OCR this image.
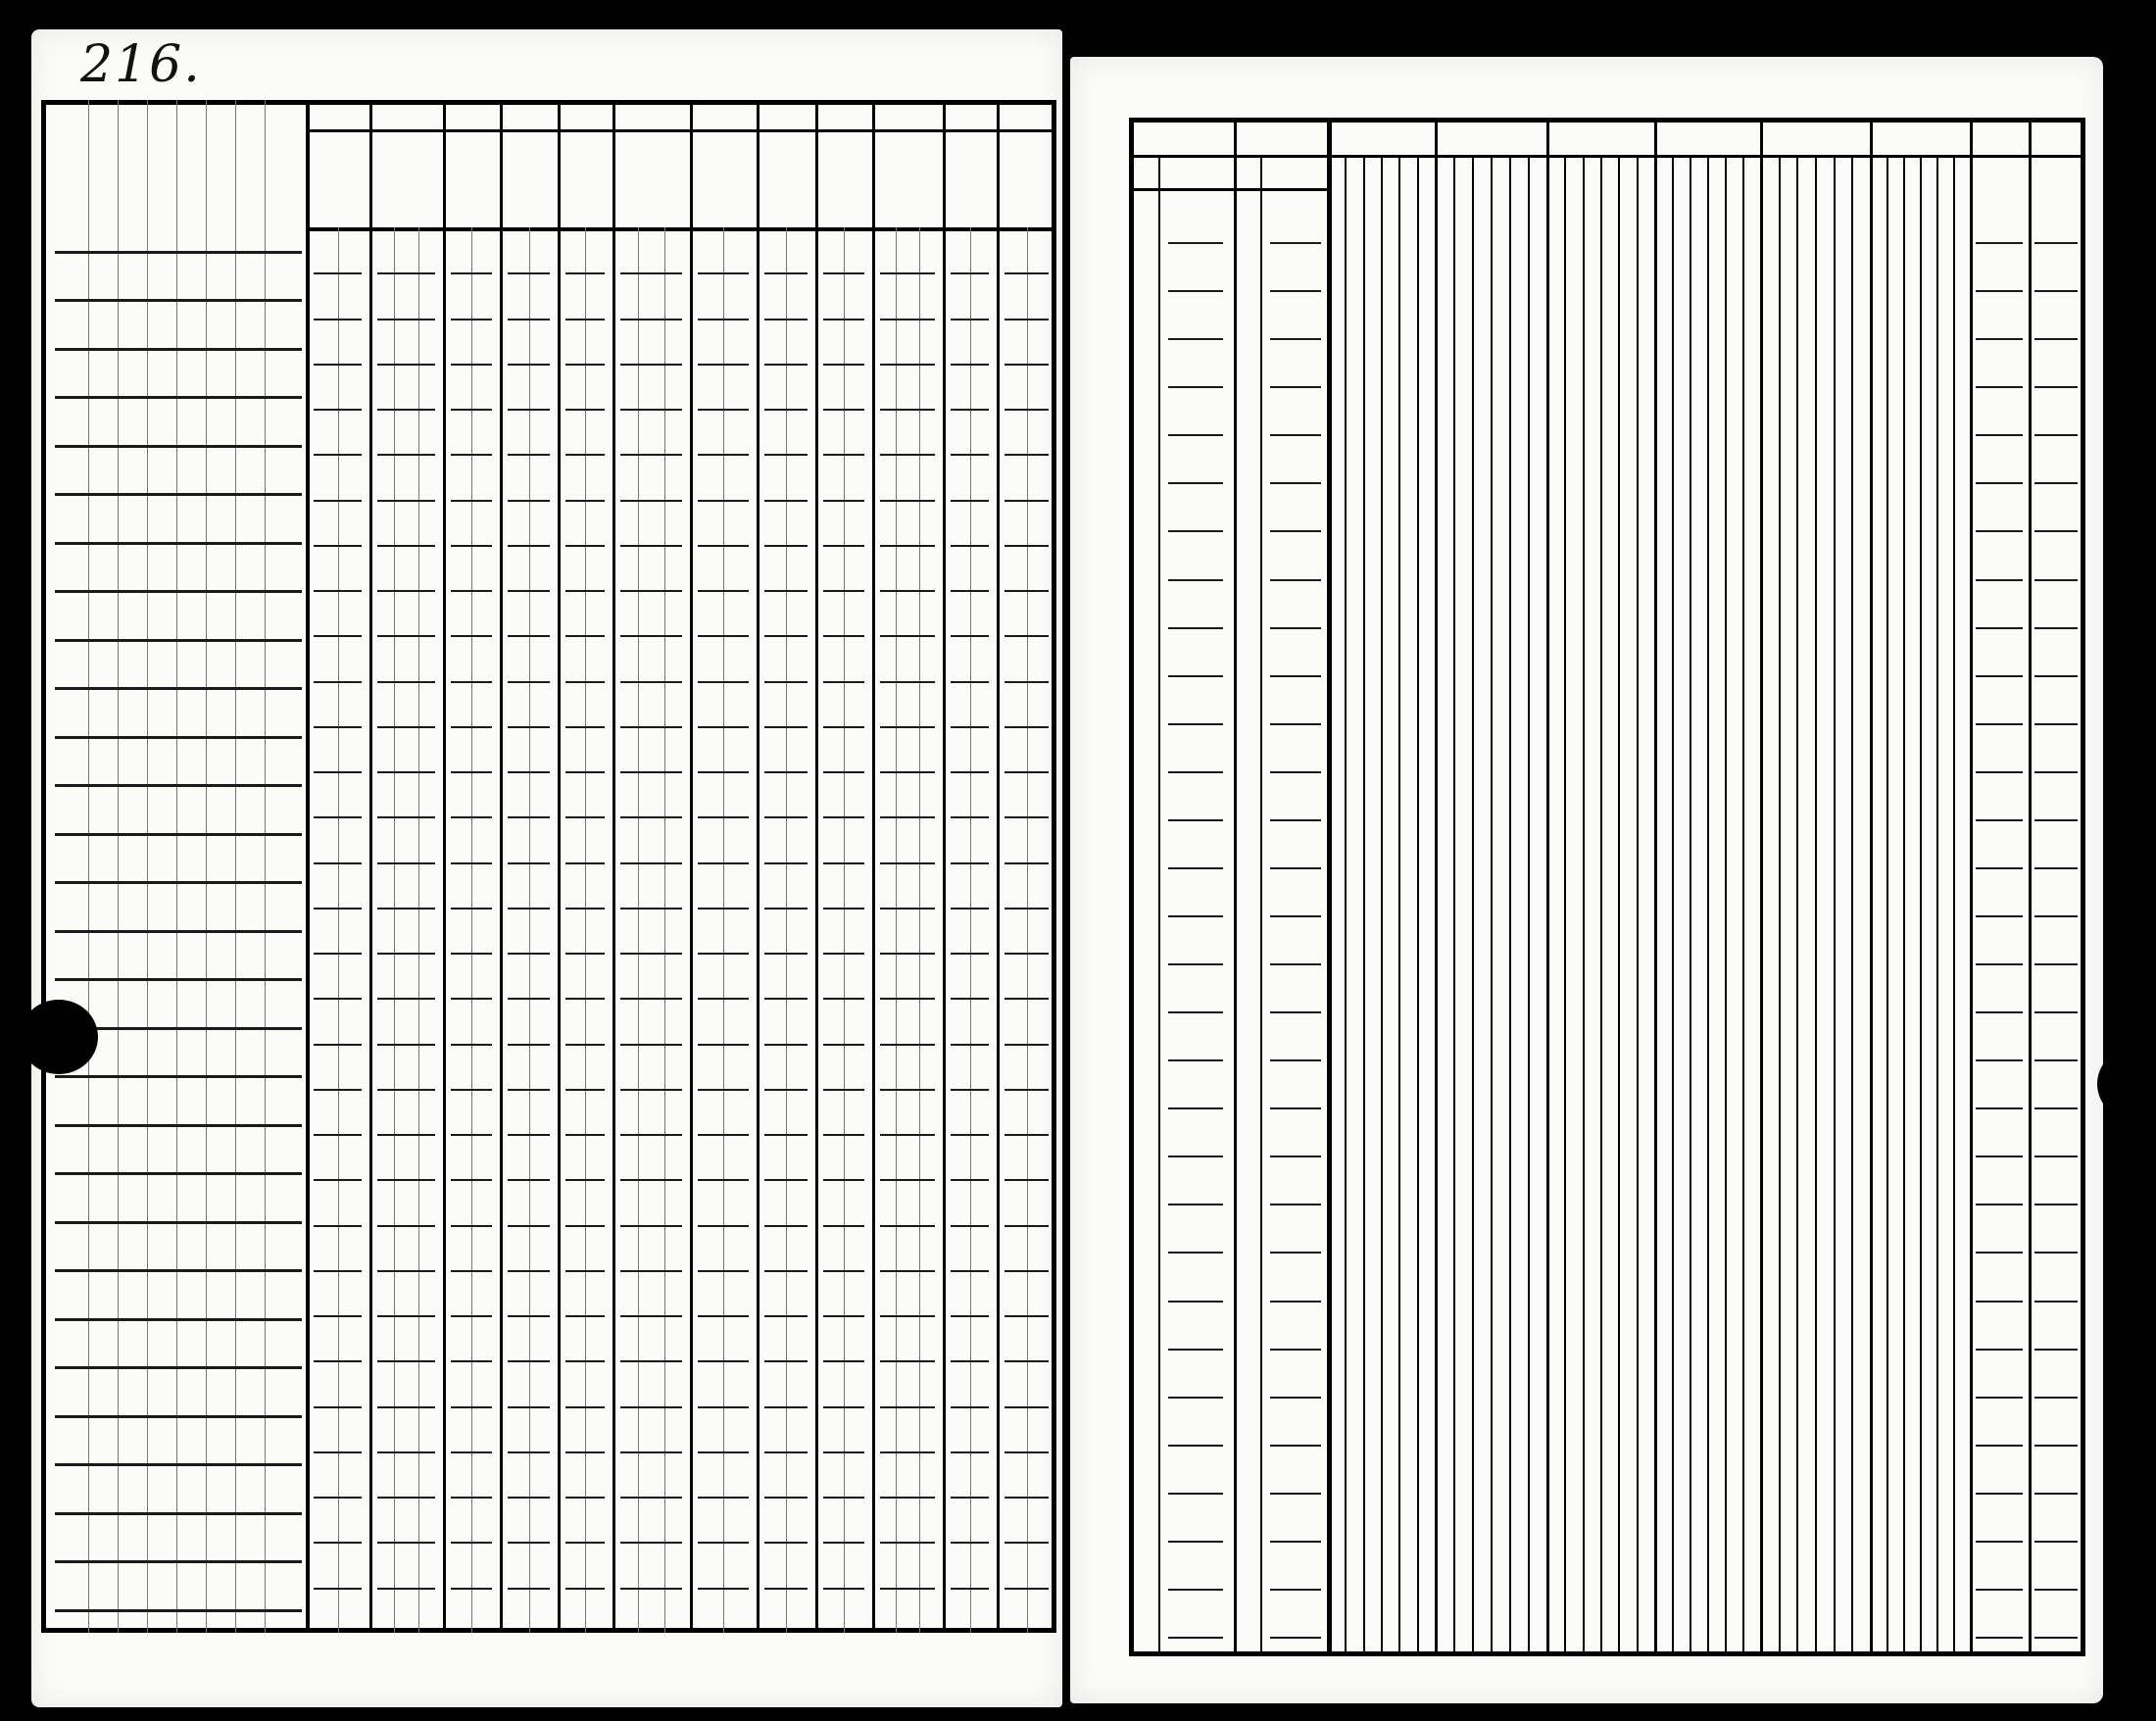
216.
